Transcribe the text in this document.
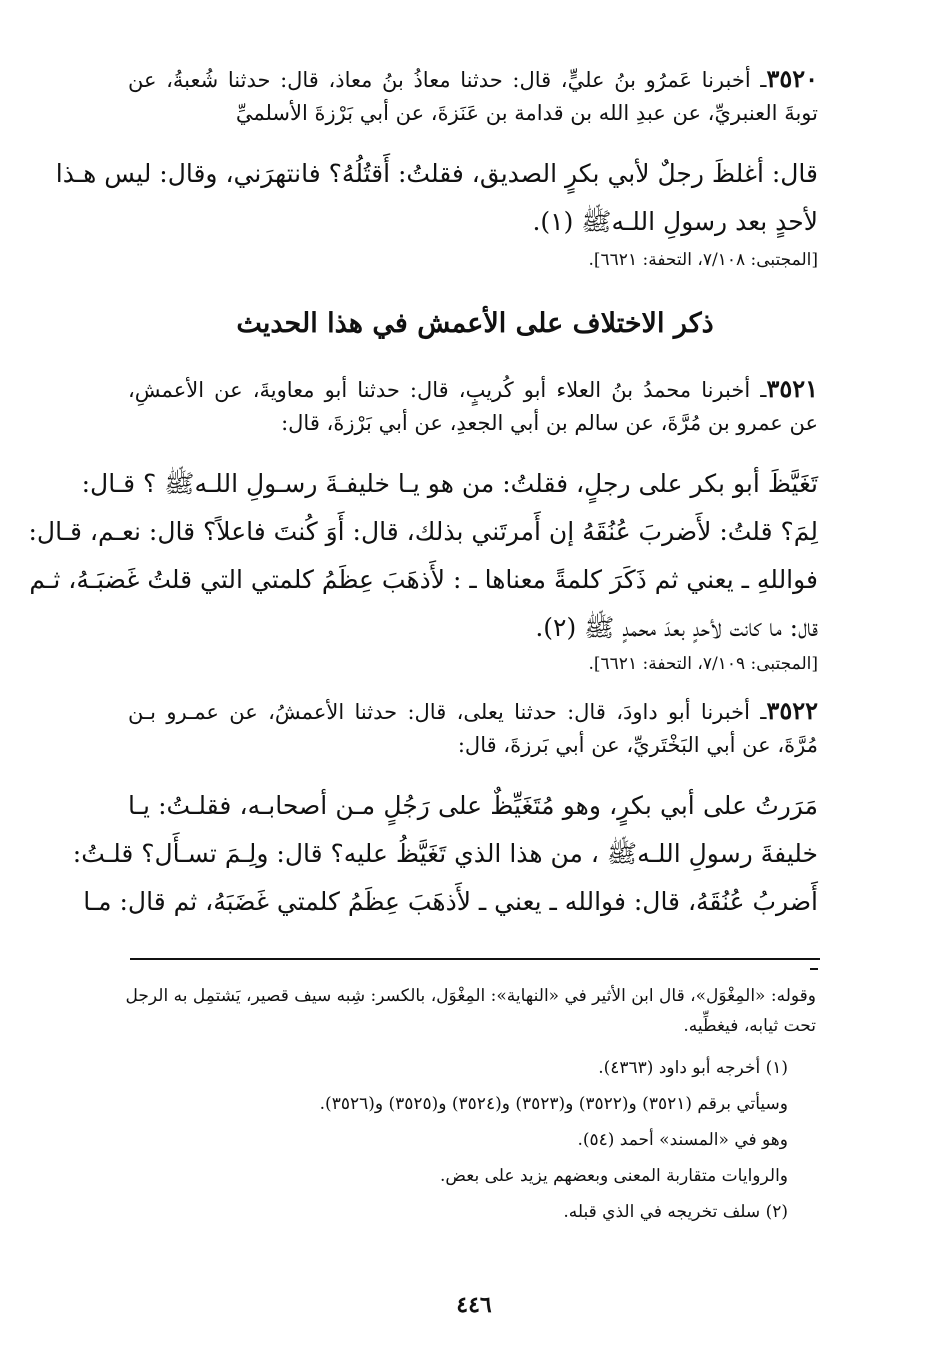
٣٥٢٠ـ أخبرنا عَمرُو بنُ عليٍّ، قال: حدثنا معاذُ بنُ معاذ، قال: حدثنا شُعبةُ، عن
توبةَ العنبريِّ، عن عبدِ الله بن قدامة بن عَنَزةَ، عن أبي بَرْزةَ الأسلميِّ
قال: أغلظَ رجلٌ لأبي بكرٍ الصديق، فقلتُ: أَقتُلُهُ؟ فانتهرَني، وقال: ليس هـذا
لأحدٍ بعد رسولِ اللـهﷺ (١).
[المجتبى: ٧/١٠٨، التحفة: ٦٦٢١].
ذكر الاختلاف على الأعمش في هذا الحديث
٣٥٢١ـ أخبرنا محمدُ بنُ العلاء أبو كُريبٍ، قال: حدثنا أبو معاويةَ، عن الأعمشِ،
عن عمرو بن مُرَّةَ، عن سالم بن أبي الجعدِ، عن أبي بَرْزةَ، قال:
تَغَيَّظَ أبو بكر على رجلٍ، فقلتُ: من هو يـا خليفـةَ رسـولِ اللـهﷺ ؟ قـال:
لِمَ؟ قلتُ: لأَضربَ عُنُقَهُ إن أَمرتَني بذلك، قال: أَوَ كُنتَ فاعلاً؟ قال: نعـم، قـال:
فواللهِ ـ يعني ثم ذَكَرَ كلمةً معناها ـ : لأَذهَبَ عِظَمُ كلمتي التي قلتُ غَضبَـهُ، ثـم
قال: ما كانت لأحدٍ بعدَ محمدٍ ﷺ (٢).
[المجتبى: ٧/١٠٩، التحفة: ٦٦٢١].
٣٥٢٢ـ أخبرنا أبو داودَ، قال: حدثنا يعلى، قال: حدثنا الأعمشُ، عن عمـرو بـن
مُرَّةَ، عن أبي البَخْتَريِّ، عن أبي بَرزةَ، قال:
مَرَرتُ على أبي بكرٍ، وهو مُتَغَيِّظٌ على رَجُلٍ مـن أصحابـه، فقلـتُ: يـا
خليفةَ رسولِ اللـهﷺ ، من هذا الذي تَغَيَّظُ عليه؟ قال: ولِـمَ تسـأَل؟ قلـتُ:
أَضربُ عُنُقَهُ، قال: فوالله ـ يعني ـ لأَذهَبَ عِظَمُ كلمتي غَضَبَهُ، ثم قال: مـا
وقوله: «المِغْوَل»، قال ابن الأثير في «النهاية»: المِغْوَل، بالكسر: شِبه سيف قصير، يَشتمِل به الرجل
تحت ثيابه، فيغطِّيه.
(١) أخرجه أبو داود (٤٣٦٣).
وسيأتي برقم (٣٥٢١) و(٣٥٢٢) و(٣٥٢٣) و(٣٥٢٤) و(٣٥٢٥) و(٣٥٢٦).
وهو في «المسند» أحمد (٥٤).
والروايات متقاربة المعنى وبعضهم يزيد على بعض.
(٢) سلف تخريجه في الذي قبله.
٤٤٦
